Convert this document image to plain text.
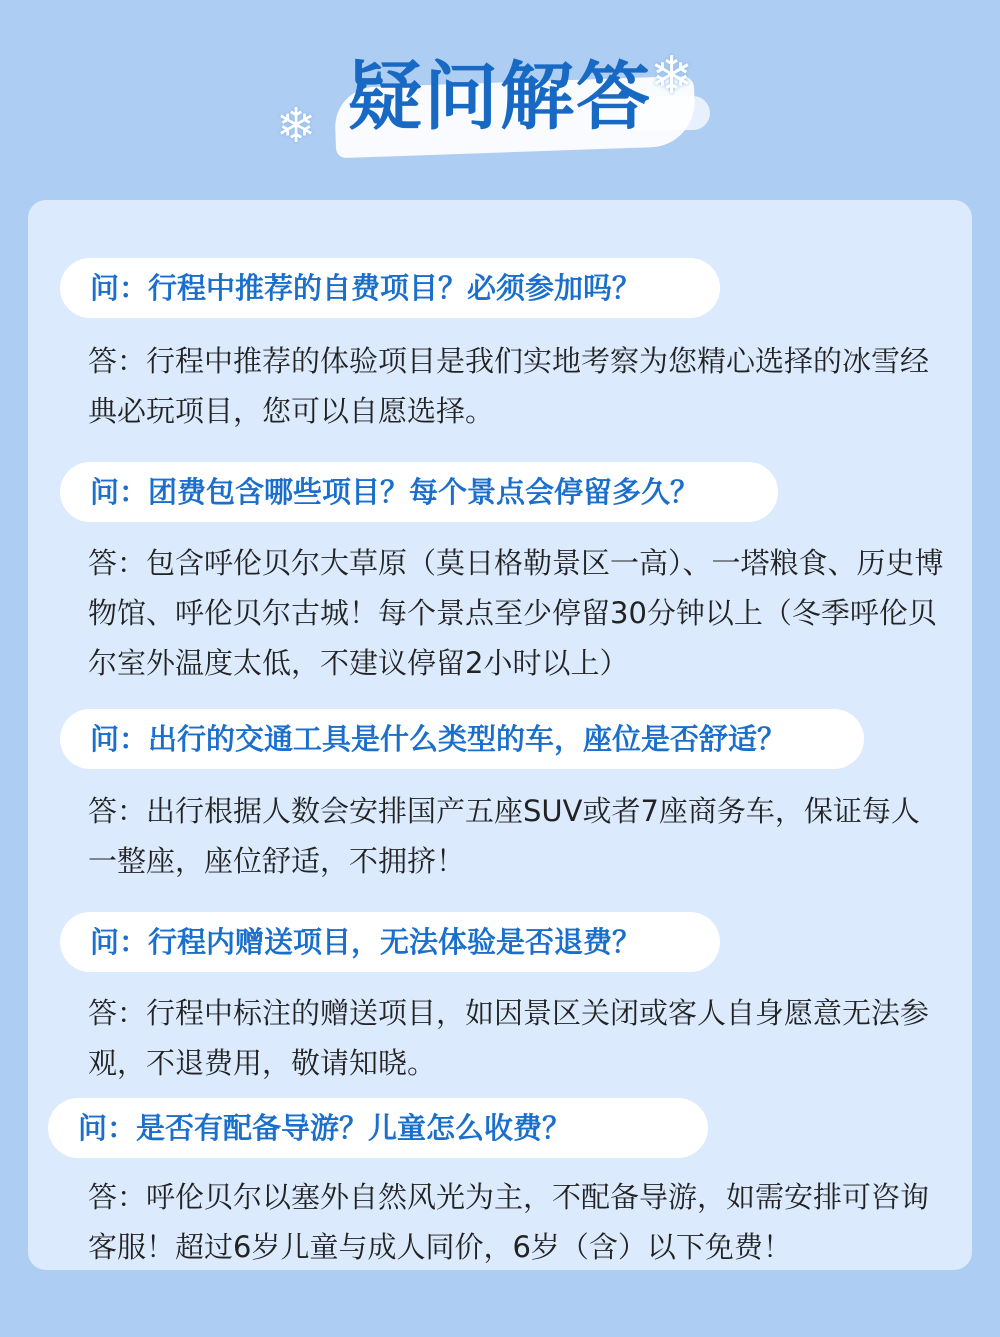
疑问解答
❄
❄
问：行程中推荐的自费项目？必须参加吗？
答：行程中推荐的体验项目是我们实地考察为您精心选择的冰雪经典必玩项目，您可以自愿选择。
问：团费包含哪些项目？每个景点会停留多久？
答：包含呼伦贝尔大草原（莫日格勒景区一高）、一塔粮食、历史博物馆、呼伦贝尔古城！每个景点至少停留30分钟以上（冬季呼伦贝尔室外温度太低，不建议停留2小时以上）
问：出行的交通工具是什么类型的车，座位是否舒适？
答：出行根据人数会安排国产五座SUV或者7座商务车，保证每人一整座，座位舒适，不拥挤！
问：行程内赠送项目，无法体验是否退费？
答：行程中标注的赠送项目，如因景区关闭或客人自身愿意无法参观，不退费用，敬请知晓。
问：是否有配备导游？儿童怎么收费？
答：呼伦贝尔以塞外自然风光为主，不配备导游，如需安排可咨询客服！超过6岁儿童与成人同价，6岁（含）以下免费！
